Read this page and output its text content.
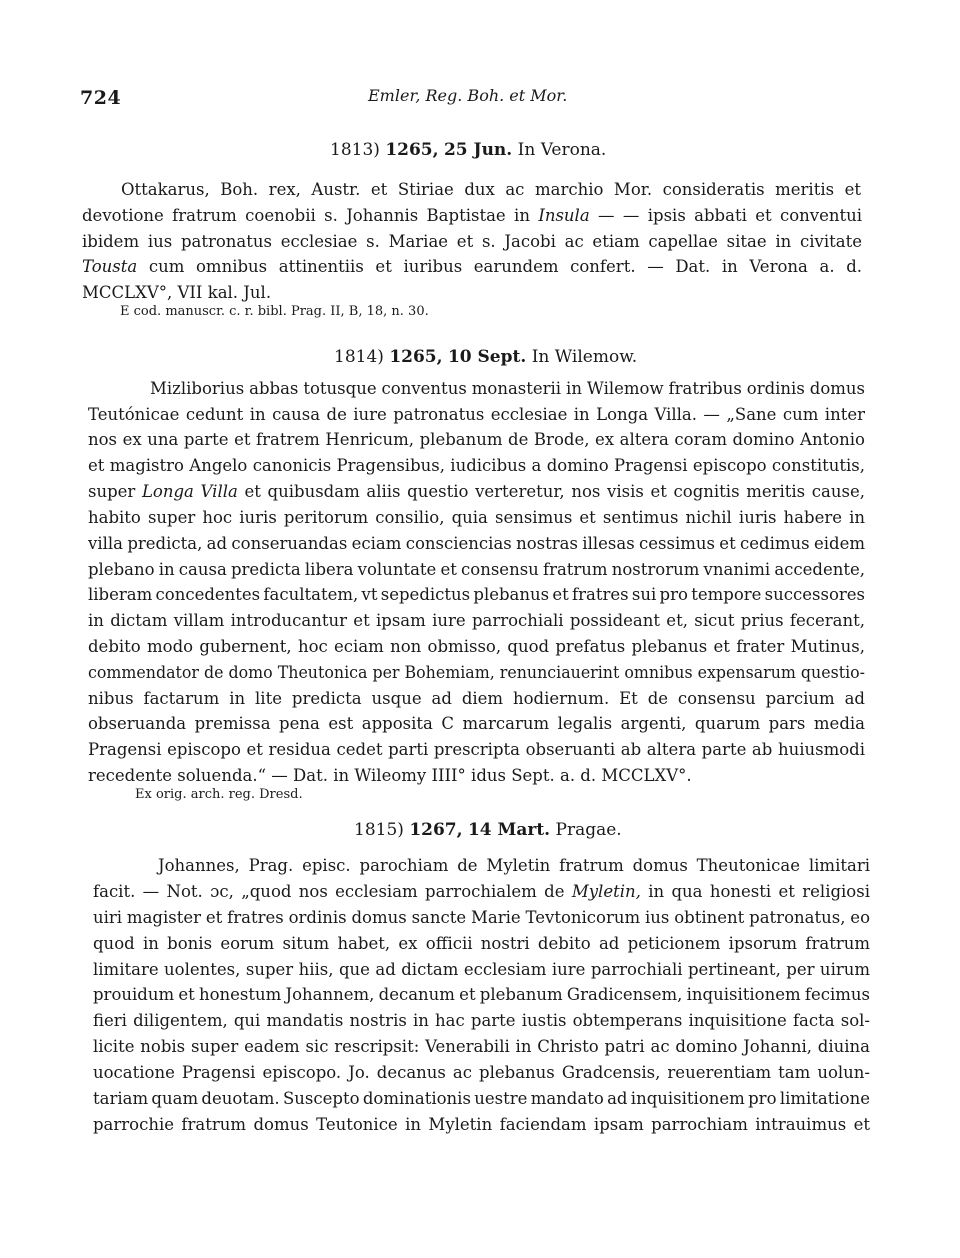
724	Emler, Reg. Boh. et Mor.
1813) 1265, 25 Jun. In Verona.
E cod. manuscr. c. r. bibl. Prag. II, B, 18, n. 30.
1814) 1265, 10 Sept. In Wilemow.
Ex orig. arch. reg. Dresd.
1815) 1267, 14 Mart. Pragae.
Ottakarus, Boh. rex, Austr. et Stiriae dux ac marchio Mor. consideratis meritis et
devotione fratrum coenobii s. Johannis Baptistae in Insula — — ipsis abbati et conventui
ibidem ius patronatus ecclesiae s. Mariae et s. Jacobi ac etiam capellae sitae in civitate
Tousta cum omnibus attinentiis et iuribus earundem confert. — Dat. in Verona a. d.
MCCLXV°, VII kal. Jul.
Mizliborius abbas totusque conventus monasterii in Wilemow fratribus ordinis domus
Teutónicae cedunt in causa de iure patronatus ecclesiae in Longa Villa. — „Sane cum inter
nos ex una parte et fratrem Henricum, plebanum de Brode, ex altera coram domino Antonio
et magistro Angelo canonicis Pragensibus, iudicibus a domino Pragensi episcopo constitutis,
super Longa Villa et quibusdam aliis questio verteretur, nos visis et cognitis meritis cause,
habito super hoc iuris peritorum consilio, quia sensimus et sentimus nichil iuris habere in
villa predicta, ad conseruandas eciam consciencias nostras illesas cessimus et cedimus eidem
plebano in causa predicta libera voluntate et consensu fratrum nostrorum vnanimi accedente,
liberam concedentes facultatem, vt sepedictus plebanus et fratres sui pro tempore successores
in dictam villam introducantur et ipsam iure parrochiali possideant et, sicut prius fecerant,
debito modo gubernent, hoc eciam non obmisso, quod prefatus plebanus et frater Mutinus,
commendator de domo Theutonica per Bohemiam, renunciauerint omnibus expensarum questio-
nibus factarum in lite predicta usque ad diem hodiernum. Et de consensu parcium ad
obseruanda premissa pena est apposita C marcarum legalis argenti, quarum pars media
Pragensi episcopo et residua cedet parti prescripta obseruanti ab altera parte ab huiusmodi
recedente soluenda.“ — Dat. in Wileomy IIII° idus Sept. a. d. MCCLXV°.
Johannes, Prag. episc. parochiam de Myletin fratrum domus Theutonicae limitari
facit. — Not. ɔc, „quod nos ecclesiam parrochialem de Myletin, in qua honesti et religiosi
uiri magister et fratres ordinis domus sancte Marie Tevtonicorum ius obtinent patronatus, eo
quod in bonis eorum situm habet, ex officii nostri debito ad peticionem ipsorum fratrum
limitare uolentes, super hiis, que ad dictam ecclesiam iure parrochiali pertineant, per uirum
prouidum et honestum Johannem, decanum et plebanum Gradicensem, inquisitionem fecimus
fieri diligentem, qui mandatis nostris in hac parte iustis obtemperans inquisitione facta sol-
licite nobis super eadem sic rescripsit: Venerabili in Christo patri ac domino Johanni, diuina
uocatione Pragensi episcopo. Jo. decanus ac plebanus Gradcensis, reuerentiam tam uolun-
tariam quam deuotam. Suscepto dominationis uestre mandato ad inquisitionem pro limitatione
parrochie fratrum domus Teutonice in Myletin faciendam ipsam parrochiam intrauimus et
